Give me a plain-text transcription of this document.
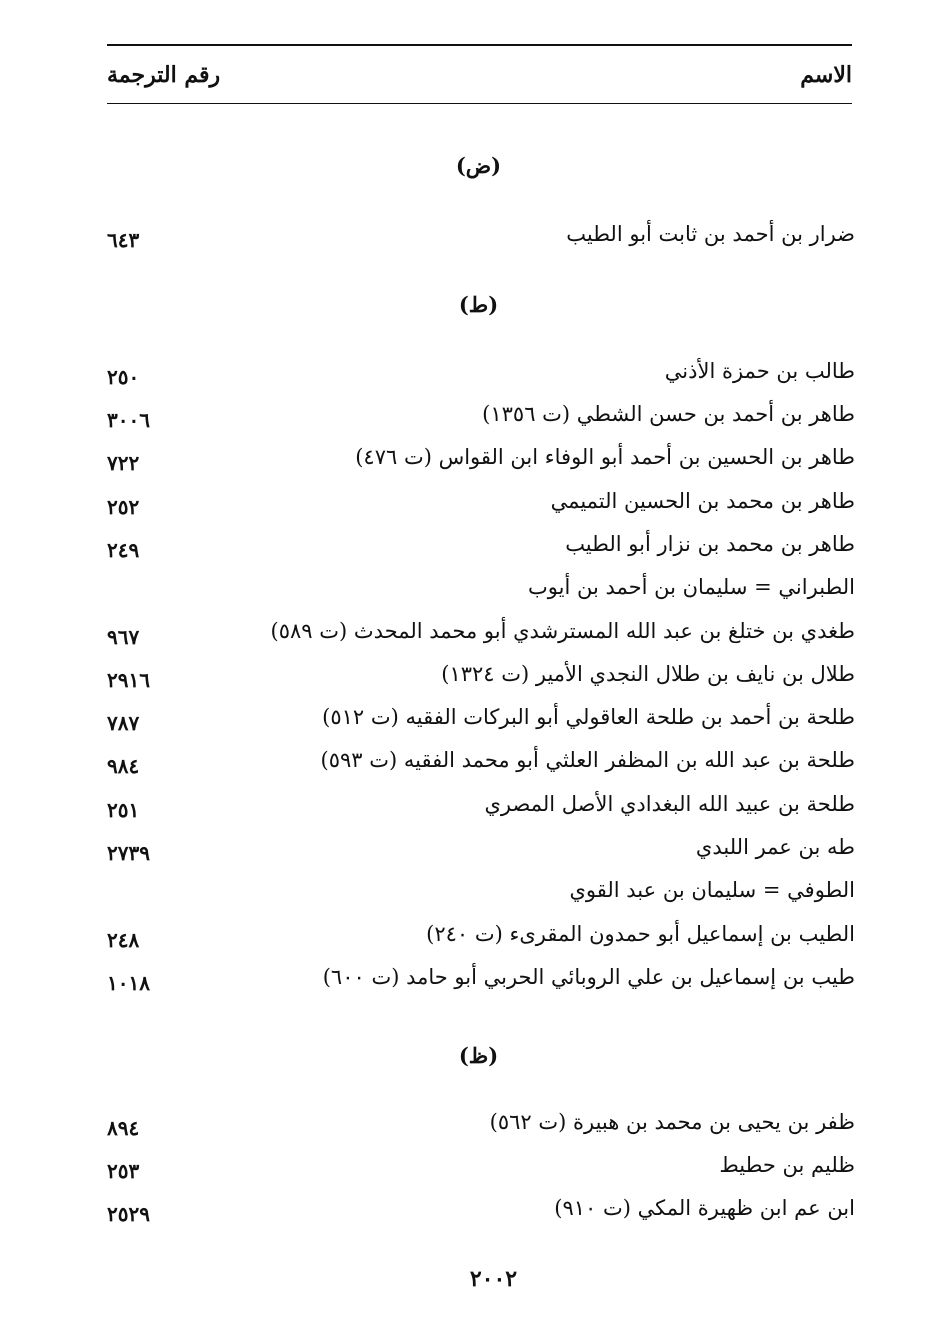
الاسم
رقم الترجمة
(ض)
ضرار بن أحمد بن ثابت أبو الطيب
٦٤٣
(ط)
طالب بن حمزة الأذني
٢٥٠
طاهر بن أحمد بن حسن الشطي (ت ١٣٥٦)
٣٠٠٦
طاهر بن الحسين بن أحمد أبو الوفاء ابن القواس (ت ٤٧٦)
٧٢٢
طاهر بن محمد بن الحسين التميمي
٢٥٢
طاهر بن محمد بن نزار أبو الطيب
٢٤٩
الطبراني = سليمان بن أحمد بن أيوب
طغدي بن ختلغ بن عبد الله المسترشدي أبو محمد المحدث (ت ٥٨٩)
٩٦٧
طلال بن نايف بن طلال النجدي الأمير (ت ١٣٢٤)
٢٩١٦
طلحة بن أحمد بن طلحة العاقولي أبو البركات الفقيه (ت ٥١٢)
٧٨٧
طلحة بن عبد الله بن المظفر العلثي أبو محمد الفقيه (ت ٥٩٣)
٩٨٤
طلحة بن عبيد الله البغدادي الأصل المصري
٢٥١
طه بن عمر اللبدي
٢٧٣٩
الطوفي = سليمان بن عبد القوي
الطيب بن إسماعيل أبو حمدون المقرىء (ت ٢٤٠)
٢٤٨
طيب بن إسماعيل بن علي الروبائي الحربي أبو حامد (ت ٦٠٠)
١٠١٨
(ظ)
ظفر بن يحيى بن محمد بن هبيرة (ت ٥٦٢)
٨٩٤
ظليم بن حطيط
٢٥٣
ابن عم ابن ظهيرة المكي (ت ٩١٠)
٢٥٢٩
٢٠٠٢
